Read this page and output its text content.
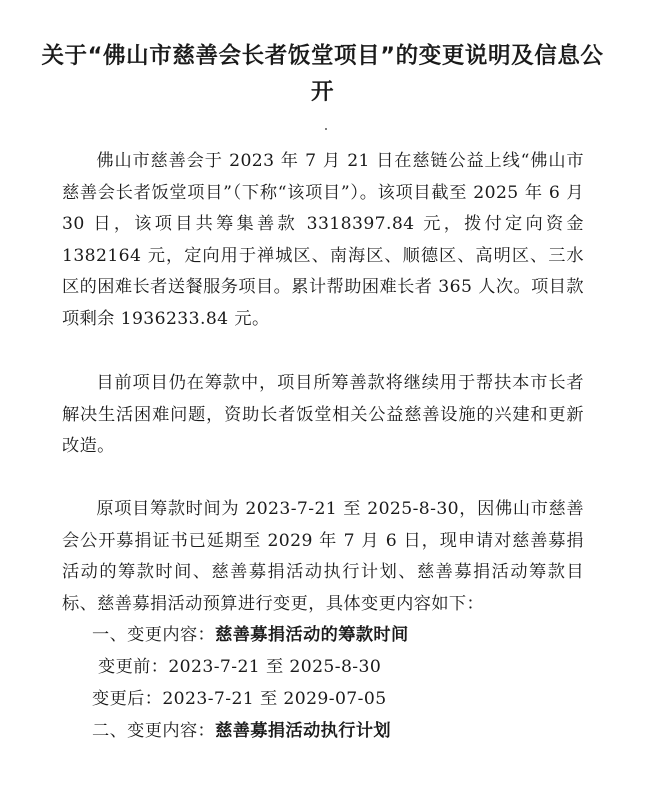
关于“佛山市慈善会长者饭堂项目”的变更说明及信息公开
佛山市慈善会于 2023 年 7 月 21 日在慈链公益上线“佛山市慈善会长者饭堂项目”（下称“该项目”）。该项目截至 2025 年 6 月 30 日，该项目共筹集善款 3318397.84 元，拨付定向资金 1382164 元，定向用于禅城区、南海区、顺德区、高明区、三水区的困难长者送餐服务项目。累计帮助困难长者 365 人次。项目款项剩余 1936233.84 元。
目前项目仍在筹款中，项目所筹善款将继续用于帮扶本市长者解决生活困难问题，资助长者饭堂相关公益慈善设施的兴建和更新改造。
原项目筹款时间为 2023-7-21 至 2025-8-30，因佛山市慈善会公开募捐证书已延期至 2029 年 7 月 6 日，现申请对慈善募捐活动的筹款时间、慈善募捐活动执行计划、慈善募捐活动筹款目标、慈善募捐活动预算进行变更，具体变更内容如下：
一、变更内容：慈善募捐活动的筹款时间
变更前：2023-7-21 至 2025-8-30
变更后：2023-7-21 至 2029-07-05
二、变更内容：慈善募捐活动执行计划
